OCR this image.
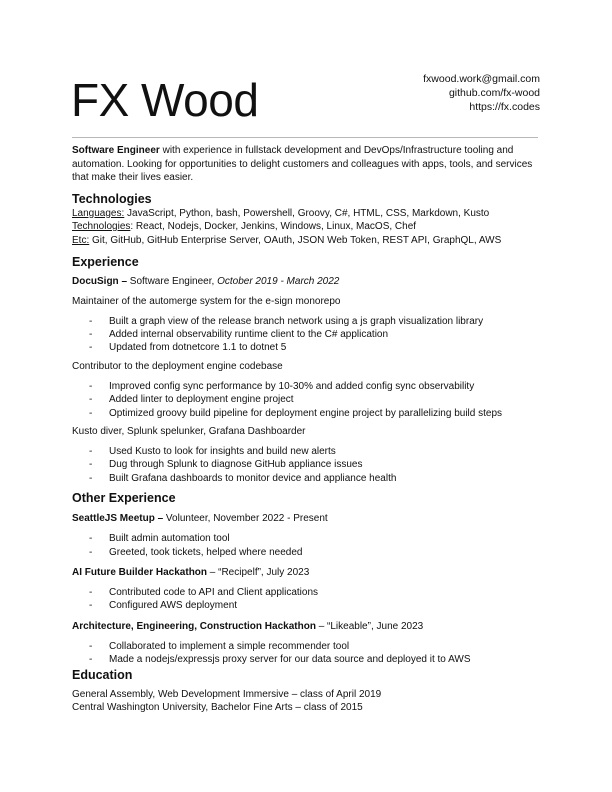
FX Wood	fxwood.work@gmail.com
github.com/fx-wood
https://fx.codes

Software Engineer with experience in fullstack development and DevOps/Infrastructure tooling and automation. Looking for opportunities to delight customers and colleagues with apps, tools, and services that make their lives easier.

Technologies
Languages: JavaScript, Python, bash, Powershell, Groovy, C#, HTML, CSS, Markdown, Kusto
Technologies: React, Nodejs, Docker, Jenkins, Windows, Linux, MacOS, Chef
Etc: Git, GitHub, GitHub Enterprise Server, OAuth, JSON Web Token, REST API, GraphQL, AWS
Experience
DocuSign – Software Engineer, October 2019 - March 2022
Maintainer of the automerge system for the e-sign monorepo
- Built a graph view of the release branch network using a js graph visualization library
- Added internal observability runtime client to the C# application
- Updated from dotnetcore 1.1 to dotnet 5
Contributor to the deployment engine codebase
- Improved config sync performance by 10-30% and added config sync observability
- Added linter to deployment engine project
- Optimized groovy build pipeline for deployment engine project by parallelizing build steps
Kusto diver, Splunk spelunker, Grafana Dashboarder
- Used Kusto to look for insights and build new alerts
- Dug through Splunk to diagnose GitHub appliance issues
- Built Grafana dashboards to monitor device and appliance health
Other Experience
SeattleJS Meetup – Volunteer, November 2022 - Present
- Built admin automation tool
- Greeted, took tickets, helped where needed
AI Future Builder Hackathon – “Recipelf”, July 2023
- Contributed code to API and Client applications
- Configured AWS deployment
Architecture, Engineering, Construction Hackathon – “Likeable”, June 2023
- Collaborated to implement a simple recommender tool
- Made a nodejs/expressjs proxy server for our data source and deployed it to AWS
Education
General Assembly, Web Development Immersive – class of April 2019
Central Washington University, Bachelor Fine Arts – class of 2015
